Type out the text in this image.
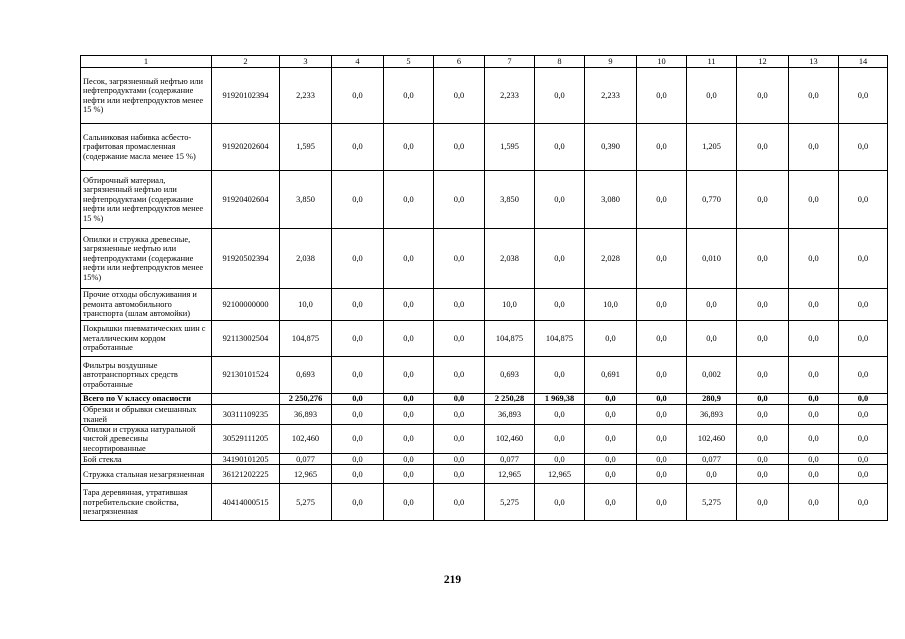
1	2	3	4	5	6	7	8	9	10	11	12	13	14
Песок, загрязненный нефтью или нефтепродуктами (содержание нефти или нефтепродуктов менее 15 %)	91920102394	2,233	0,0	0,0	0,0	2,233	0,0	2,233	0,0	0,0	0,0	0,0	0,0
Сальниковая набивка асбесто-графитовая промасленная (содержание масла менее 15 %)	91920202604	1,595	0,0	0,0	0,0	1,595	0,0	0,390	0,0	1,205	0,0	0,0	0,0
Обтирочный материал, загрязненный нефтью или нефтепродуктами (содержание нефти или нефтепродуктов менее 15 %)	91920402604	3,850	0,0	0,0	0,0	3,850	0,0	3,080	0,0	0,770	0,0	0,0	0,0
Опилки и стружка древесные, загрязненные нефтью или нефтепродуктами (содержание нефти или нефтепродуктов менее 15%)	91920502394	2,038	0,0	0,0	0,0	2,038	0,0	2,028	0,0	0,010	0,0	0,0	0,0
Прочие отходы обслуживания и ремонта автомобильного транспорта (шлам автомойки)	92100000000	10,0	0,0	0,0	0,0	10,0	0,0	10,0	0,0	0,0	0,0	0,0	0,0
Покрышки пневматических шин с металлическим кордом отработанные	92113002504	104,875	0,0	0,0	0,0	104,875	104,875	0,0	0,0	0,0	0,0	0,0	0,0
Фильтры воздушные автотранспортных средств отработанные	92130101524	0,693	0,0	0,0	0,0	0,693	0,0	0,691	0,0	0,002	0,0	0,0	0,0
Всего по V классу опасности		2 250,276	0,0	0,0	0,0	2 250,28	1 969,38	0,0	0,0	280,9	0,0	0,0	0,0
Обрезки и обрывки смешанных тканей	30311109235	36,893	0,0	0,0	0,0	36,893	0,0	0,0	0,0	36,893	0,0	0,0	0,0
Опилки и стружка натуральной чистой древесины несортированные	30529111205	102,460	0,0	0,0	0,0	102,460	0,0	0,0	0,0	102,460	0,0	0,0	0,0
Бой стекла	34190101205	0,077	0,0	0,0	0,0	0,077	0,0	0,0	0,0	0,077	0,0	0,0	0,0
Стружка стальная незагрязненная	36121202225	12,965	0,0	0,0	0,0	12,965	12,965	0,0	0,0	0,0	0,0	0,0	0,0
Тара деревянная, утратившая потребительские свойства, незагрязненная	40414000515	5,275	0,0	0,0	0,0	5,275	0,0	0,0	0,0	5,275	0,0	0,0	0,0
219
